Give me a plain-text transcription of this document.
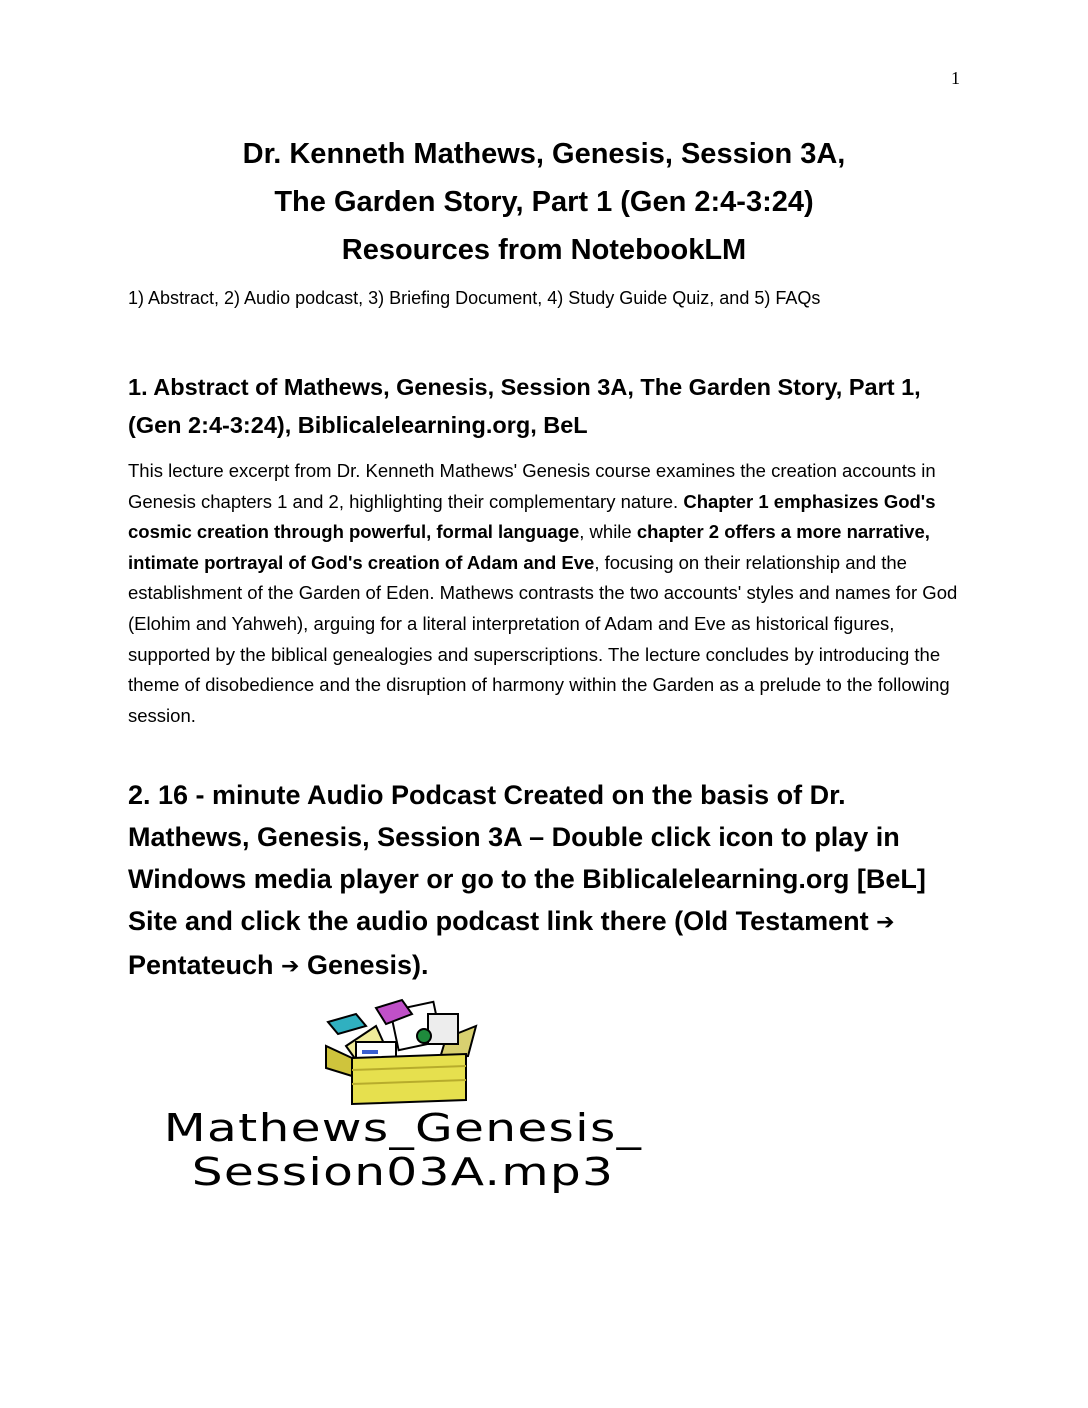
1
Dr. Kenneth Mathews, Genesis, Session 3A,
The Garden Story, Part 1 (Gen 2:4-3:24)
Resources from NotebookLM

1) Abstract, 2) Audio podcast, 3) Briefing Document, 4) Study Guide Quiz, and 5) FAQs

1. Abstract of Mathews, Genesis, Session 3A, The Garden Story, Part 1, (Gen 2:4-3:24), Biblicalelearning.org, BeL

This lecture excerpt from Dr. Kenneth Mathews' Genesis course examines the creation accounts in Genesis chapters 1 and 2, highlighting their complementary nature. Chapter 1 emphasizes God's cosmic creation through powerful, formal language, while chapter 2 offers a more narrative, intimate portrayal of God's creation of Adam and Eve, focusing on their relationship and the establishment of the Garden of Eden. Mathews contrasts the two accounts' styles and names for God (Elohim and Yahweh), arguing for a literal interpretation of Adam and Eve as historical figures, supported by the biblical genealogies and superscriptions. The lecture concludes by introducing the theme of disobedience and the disruption of harmony within the Garden as a prelude to the following session.

2. 16 - minute Audio Podcast Created on the basis of Dr. Mathews, Genesis, Session 3A – Double click icon to play in Windows media player or go to the Biblicalelearning.org [BeL] Site and click the audio podcast link there (Old Testament ➔ Pentateuch ➔ Genesis).
Mathews_Genesis_
Session03A.mp3
